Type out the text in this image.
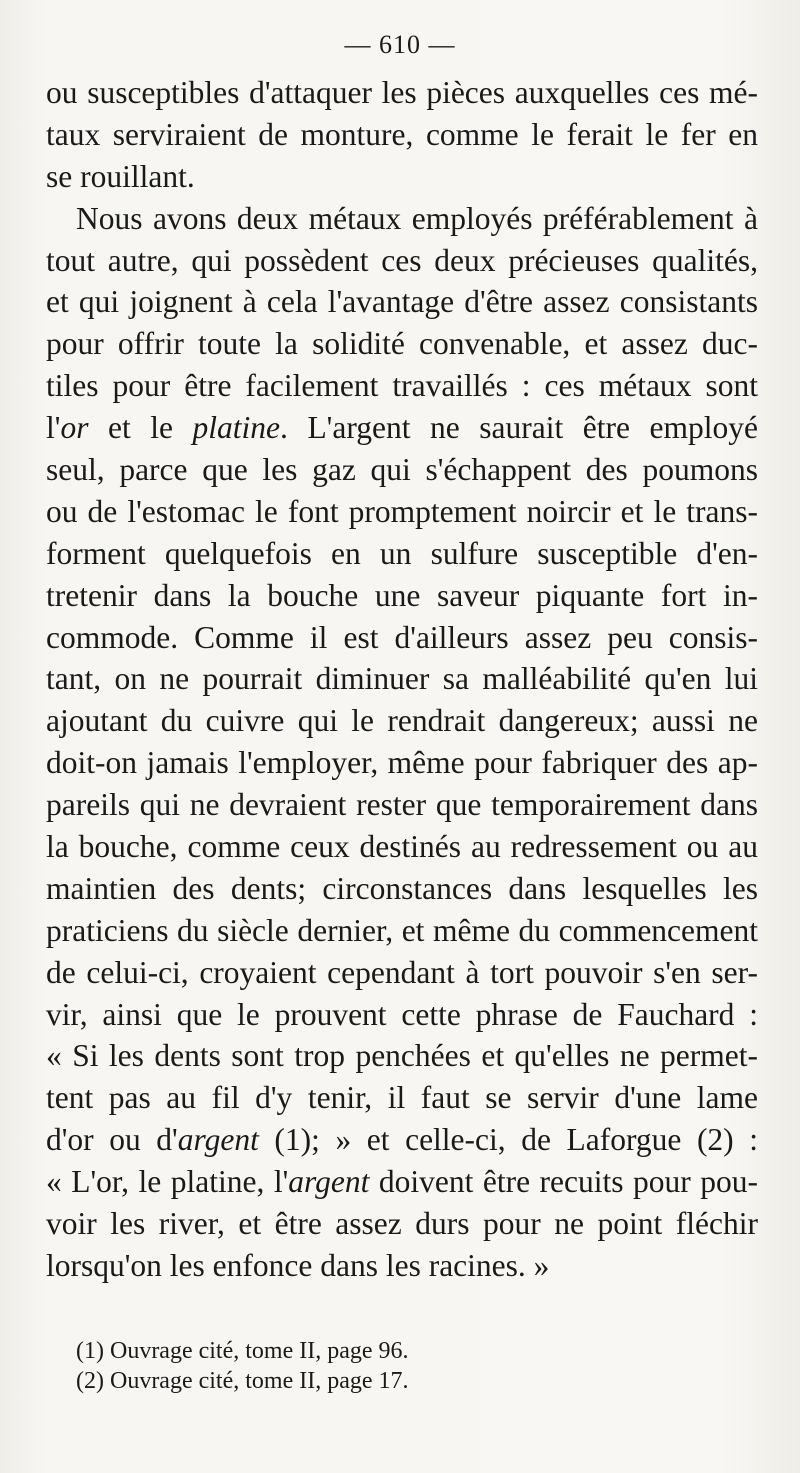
— 610 —
ou susceptibles d'attaquer les pièces auxquelles ces mé-
taux serviraient de monture, comme le ferait le fer en
se rouillant.
Nous avons deux métaux employés préférablement à
tout autre, qui possèdent ces deux précieuses qualités,
et qui joignent à cela l'avantage d'être assez consistants
pour offrir toute la solidité convenable, et assez duc-
tiles pour être facilement travaillés : ces métaux sont
l'or et le platine. L'argent ne saurait être employé
seul, parce que les gaz qui s'échappent des poumons
ou de l'estomac le font promptement noircir et le trans-
forment quelquefois en un sulfure susceptible d'en-
tretenir dans la bouche une saveur piquante fort in-
commode. Comme il est d'ailleurs assez peu consis-
tant, on ne pourrait diminuer sa malléabilité qu'en lui
ajoutant du cuivre qui le rendrait dangereux; aussi ne
doit-on jamais l'employer, même pour fabriquer des ap-
pareils qui ne devraient rester que temporairement dans
la bouche, comme ceux destinés au redressement ou au
maintien des dents; circonstances dans lesquelles les
praticiens du siècle dernier, et même du commencement
de celui-ci, croyaient cependant à tort pouvoir s'en ser-
vir, ainsi que le prouvent cette phrase de Fauchard :
« Si les dents sont trop penchées et qu'elles ne permet-
tent pas au fil d'y tenir, il faut se servir d'une lame
d'or ou d'argent (1); » et celle-ci, de Laforgue (2) :
« L'or, le platine, l'argent doivent être recuits pour pou-
voir les river, et être assez durs pour ne point fléchir
lorsqu'on les enfonce dans les racines. »
(1) Ouvrage cité, tome II, page 96.
(2) Ouvrage cité, tome II, page 17.
